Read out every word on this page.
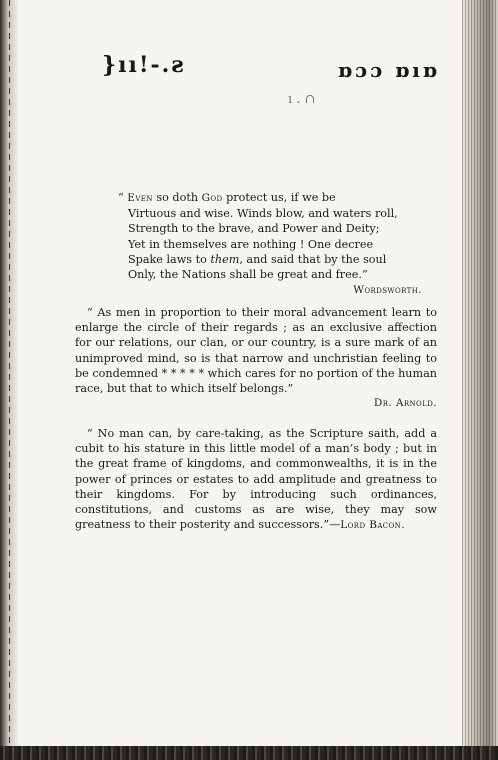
}ıı!-.ƨ	ɒɔɔ ɒıɒ
ı . ∩
“ Even so doth God protect us, if we be
Virtuous and wise. Winds blow, and waters roll,
Strength to the brave, and Power and Deity;
Yet in themselves are nothing ! One decree
Spake laws to them, and said that by the soul
Only, the Nations shall be great and free.”
Wordsworth.

“ As men in proportion to their moral advancement learn to enlarge the circle of their regards ; as an exclusive affection for our relations, our clan, or our country, is a sure mark of an unimproved mind, so is that narrow and unchristian feeling to be condemned * * * * * which cares for no portion of the human race, but that to which itself belongs.”

Dr. Arnold.

“ No man can, by care-taking, as the Scripture saith, add a cubit to his stature in this little model of a man’s body ; but in the great frame of kingdoms, and commonwealths, it is in the power of princes or estates to add amplitude and greatness to their kingdoms. For by introducing such ordinances, constitutions, and customs as are wise, they may sow greatness to their posterity and successors.”—Lord Bacon.
